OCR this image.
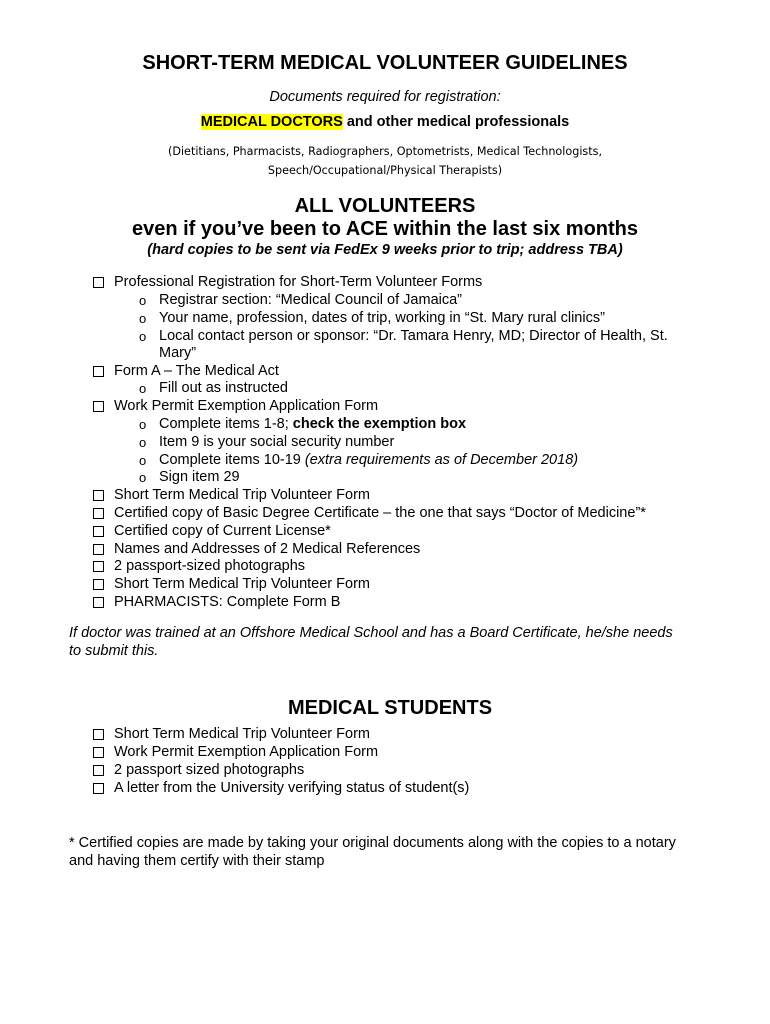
SHORT-TERM MEDICAL VOLUNTEER GUIDELINES
Documents required for registration:
MEDICAL DOCTORS and other medical professionals
(Dietitians, Pharmacists, Radiographers, Optometrists, Medical Technologists,
Speech/Occupational/Physical Therapists)
ALL VOLUNTEERS
even if you’ve been to ACE within the last six months
(hard copies to be sent via FedEx 9 weeks prior to trip; address TBA)
Professional Registration for Short-Term Volunteer Forms
o Registrar section: “Medical Council of Jamaica”
o Your name, profession, dates of trip, working in “St. Mary rural clinics”
o Local contact person or sponsor: “Dr. Tamara Henry, MD; Director of Health, St.
Mary”
Form A – The Medical Act
o Fill out as instructed
Work Permit Exemption Application Form
o Complete items 1-8; check the exemption box
o Item 9 is your social security number
o Complete items 10-19 (extra requirements as of December 2018)
o Sign item 29
Short Term Medical Trip Volunteer Form
Certified copy of Basic Degree Certificate – the one that says “Doctor of Medicine”*
Certified copy of Current License*
Names and Addresses of 2 Medical References
2 passport-sized photographs
Short Term Medical Trip Volunteer Form
PHARMACISTS: Complete Form B
If doctor was trained at an Offshore Medical School and has a Board Certificate, he/she needs
to submit this.
MEDICAL STUDENTS
Short Term Medical Trip Volunteer Form
Work Permit Exemption Application Form
2 passport sized photographs
A letter from the University verifying status of student(s)
* Certified copies are made by taking your original documents along with the copies to a notary
and having them certify with their stamp
